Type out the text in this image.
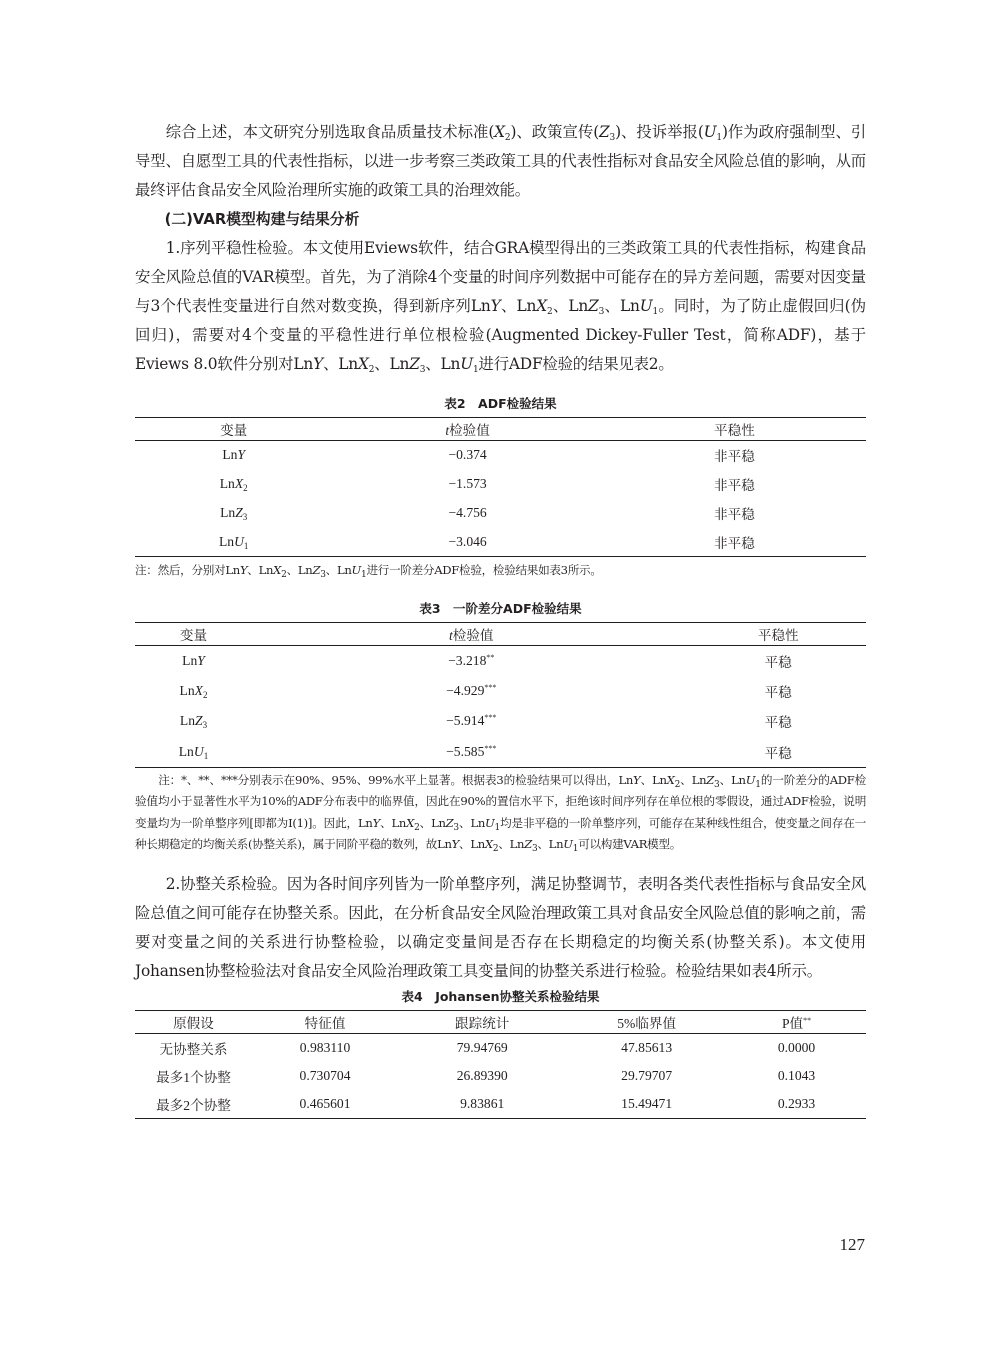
综合上述，本文研究分别选取食品质量技术标准$(X_2)$、政策宣传$(Z_3)$、投诉举报$(U_1)$作为政府强制型、引导型、自愿型工具的代表性指标，以进一步考察三类政策工具的代表性指标对食品安全风险总值的影响，从而最终评估食品安全风险治理所实施的政策工具的治理效能。

(二)VAR模型构建与结果分析

1.序列平稳性检验。本文使用Eviews软件，结合GRA模型得出的三类政策工具的代表性指标，构建食品安全风险总值的VAR模型。首先，为了消除4个变量的时间序列数据中可能存在的异方差问题，需要对因变量与3个代表性变量进行自然对数变换，得到新序列LnY、LnX$_2$、LnZ$_3$、LnU$_1$。同时，为了防止虚假回归(伪回归)，需要对4个变量的平稳性进行单位根检验(Augmented Dickey-Fuller Test，简称ADF)，基于Eviews 8.0软件分别对LnY、LnX$_2$、LnZ$_3$、LnU$_1$进行ADF检验的结果见表2。

表2　ADF检验结果

变量	t检验值	平稳性
LnY	−0.374	非平稳
LnX$_2$	−1.573	非平稳
LnZ$_3$	−4.756	非平稳
LnU$_1$	−3.046	非平稳

注：然后，分别对LnY、LnX$_2$、LnZ$_3$、LnU$_1$进行一阶差分ADF检验，检验结果如表3所示。

表3　一阶差分ADF检验结果

变量	t检验值	平稳性
LnY	−3.218**	平稳
LnX$_2$	−4.929***	平稳
LnZ$_3$	−5.914***	平稳
LnU$_1$	−5.585***	平稳

注：*、**、***分别表示在90%、95%、99%水平上显著。根据表3的检验结果可以得出，LnY、LnX$_2$、LnZ$_3$、LnU$_1$的一阶差分的ADF检验值均小于显著性水平为10%的ADF分布表中的临界值，因此在90%的置信水平下，拒绝该时间序列存在单位根的零假设，通过ADF检验，说明变量均为一阶单整序列[即都为I(1)]。因此，LnY、LnX$_2$、LnZ$_3$、LnU$_1$均是非平稳的一阶单整序列，可能存在某种线性组合，使变量之间存在一种长期稳定的均衡关系(协整关系)，属于同阶平稳的数列，故LnY、LnX$_2$、LnZ$_3$、LnU$_1$可以构建VAR模型。

2.协整关系检验。因为各时间序列皆为一阶单整序列，满足协整调节，表明各类代表性指标与食品安全风险总值之间可能存在协整关系。因此，在分析食品安全风险治理政策工具对食品安全风险总值的影响之前，需要对变量之间的关系进行协整检验，以确定变量间是否存在长期稳定的均衡关系(协整关系)。本文使用Johansen协整检验法对食品安全风险治理政策工具变量间的协整关系进行检验。检验结果如表4所示。

表4　Johansen协整关系检验结果

原假设	特征值	跟踪统计	5%临界值	P值**
无协整关系	0.983110	79.94769	47.85613	0.0000
最多1个协整	0.730704	26.89390	29.79707	0.1043
最多2个协整	0.465601	9.83861	15.49471	0.2933
127
